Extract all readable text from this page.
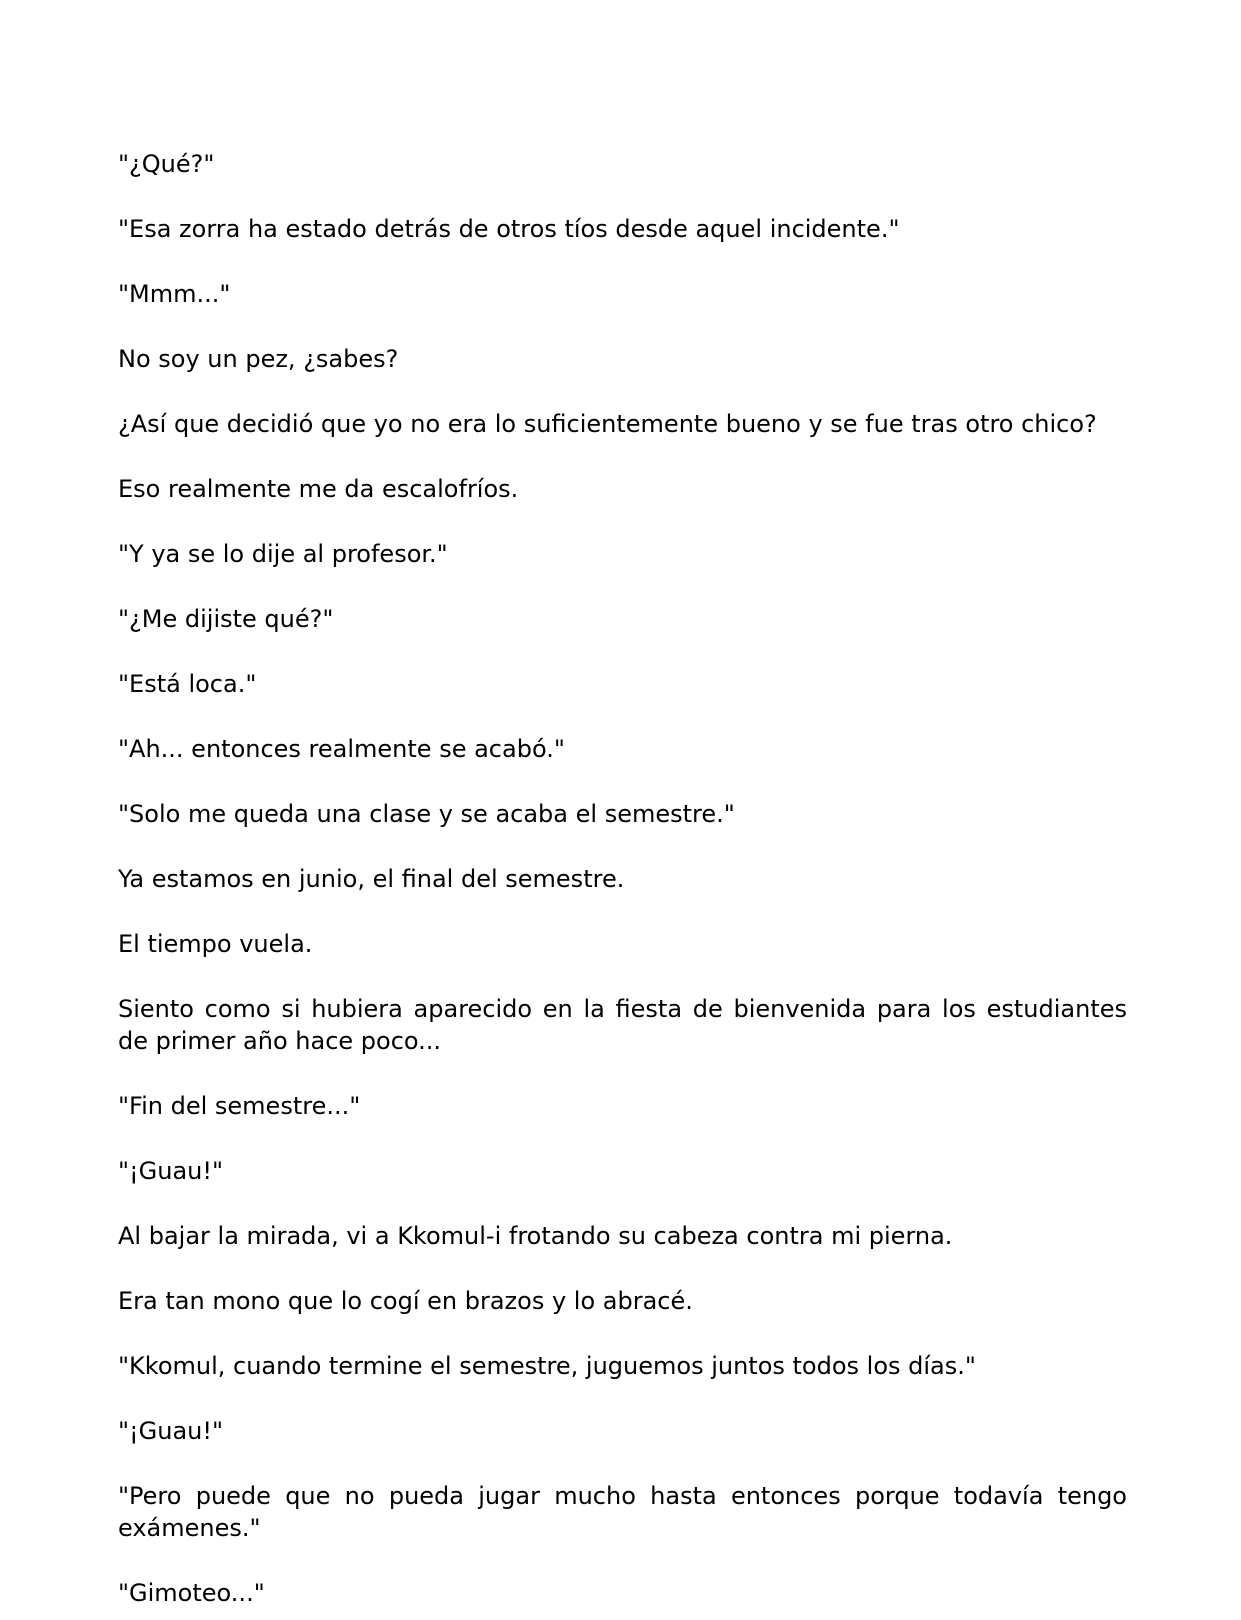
"¿Qué?"

"Esa zorra ha estado detrás de otros tíos desde aquel incidente."

"Mmm..."

No soy un pez, ¿sabes?

¿Así que decidió que yo no era lo suficientemente bueno y se fue tras otro chico?

Eso realmente me da escalofríos.

"Y ya se lo dije al profesor."

"¿Me dijiste qué?"

"Está loca."

"Ah... entonces realmente se acabó."

"Solo me queda una clase y se acaba el semestre."

Ya estamos en junio, el final del semestre.

El tiempo vuela.

Siento como si hubiera aparecido en la fiesta de bienvenida para los estudiantes de primer año hace poco...

"Fin del semestre..."

"¡Guau!"

Al bajar la mirada, vi a Kkomul-i frotando su cabeza contra mi pierna.

Era tan mono que lo cogí en brazos y lo abracé.

"Kkomul, cuando termine el semestre, juguemos juntos todos los días."

"¡Guau!"

"Pero puede que no pueda jugar mucho hasta entonces porque todavía tengo exámenes."

"Gimoteo..."
